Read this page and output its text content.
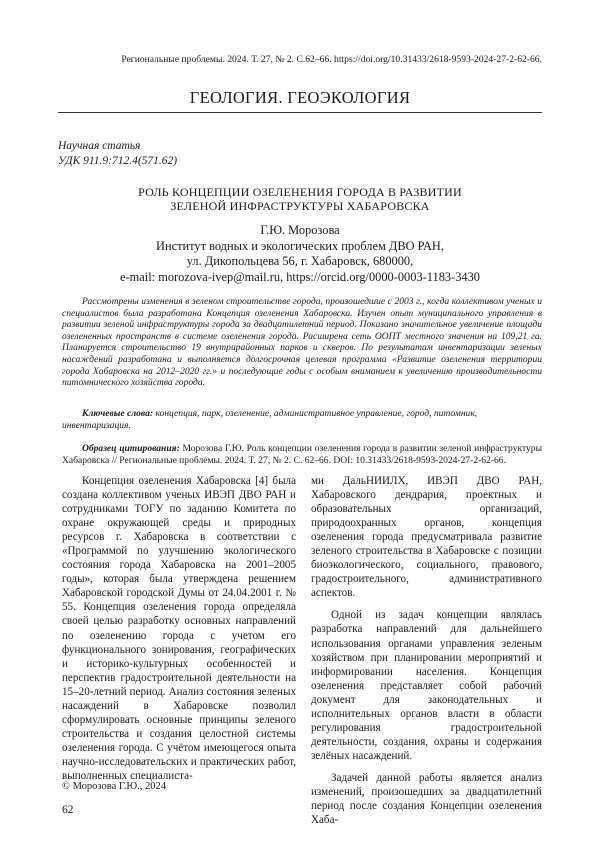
Региональные проблемы. 2024. Т. 27, № 2. С.62–66. https://doi.org/10.31433/2618-9593-2024-27-2-62-66.
ГЕОЛОГИЯ. ГЕОЭКОЛОГИЯ
Научная статья
УДК 911.9:712.4(571.62)
РОЛЬ КОНЦЕПЦИИ ОЗЕЛЕНЕНИЯ ГОРОДА В РАЗВИТИИ
ЗЕЛЕНОЙ ИНФРАСТРУКТУРЫ ХАБАРОВСКА
Г.Ю. Морозова
Институт водных и экологических проблем ДВО РАН,
ул. Дикопольцева 56, г. Хабаровск, 680000,
e-mail: morozova-ivep@mail.ru, https://orcid.org/0000-0003-1183-3430
Рассмотрены изменения в зеленом строительстве города, произошедшие с 2003 г., когда коллективом ученых и специалистов была разработана Концепция озеленения Хабаровска. Изучен опыт муниципального управления в развитии зеленой инфраструктуры города за двадцатилетний период. Показано значительное увеличение площади озелененных пространств в системе озеленения города. Расширена сеть ООПТ местного значения на 109,21 га. Планируется строительство 19 внутрирайонных парков и скверов. По результатам инвентаризации зеленых насаждений разработана и выполняется долгосрочная целевая программа «Развитие озеленения территории города Хабаровска на 2012–2020 гг.» и последующие годы с особым вниманием к увеличению производительности питомнического хозяйства города.
Ключевые слова: концепция, парк, озеленение, административное управление, город, питомник, инвентаризация.
Образец цитирования: Морозова Г.Ю. Роль концепции озеленения города в развитии зеленой инфраструктуры Хабаровска // Региональные проблемы. 2024. Т. 27, № 2. С. 62–66. DOI: 10.31433/2618-9593-2024-27-2-62-66.

Концепция озеленения Хабаровска [4] была создана коллективом ученых ИВЭП ДВО РАН и сотрудниками ТОГУ по заданию Комитета по охране окружающей среды и природных ресурсов г. Хабаровска в соответствии с «Программой по улучшению экологического состояния города Хабаровска на 2001–2005 годы», которая была утверждена решением Хабаровской городской Думы от 24.04.2001 г. № 55. Концепция озеленения города определяла своей целью разработку основных направлений по озеленению города с учетом его функционального зонирования, географических и историко-культурных особенностей и перспектив градостроительной деятельности на 15–20-летний период. Анализ состояния зеленых насаждений в Хабаровске позволил сформулировать основные принципы зеленого строительства и создания целостной системы озеленения города. С учётом имеющегося опыта научно-исследовательских и практических работ, выполненных специалиста-

ми ДальНИИЛХ, ИВЭП ДВО РАН, Хабаровского дендрария, проектных и образовательных организаций, природоохранных органов, концепция озеленения города предусматривала развитие зеленого строительства в Хабаровске с позиции биоэкологического, социального, правового, градостроительного, административного аспектов.

Одной из задач концепции являлась разработка направлений для дальнейшего использования органами управления зеленым хозяйством при планировании мероприятий и информировании населения. Концепция озеленения представляет собой рабочий документ для законодательных и исполнительных органов власти в области регулирования градостроительной деятельности, создания, охраны и содержания зелёных насаждений.

Задачей данной работы является анализ изменений, произошедших за двадцатилетний период после создания Концепции озеленения Хаба-

© Морозова Г.Ю., 2024
62
